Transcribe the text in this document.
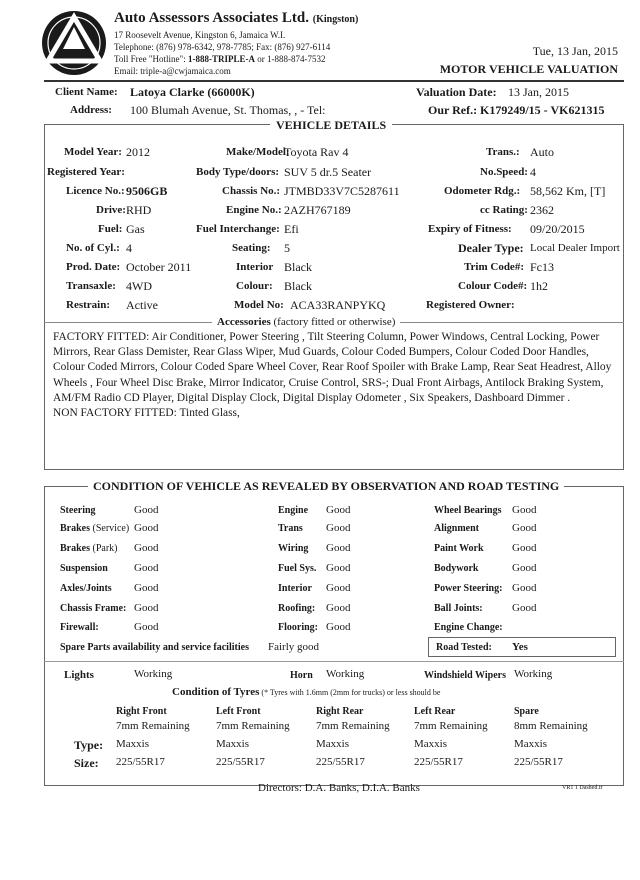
Auto Assessors Associates Ltd. (Kingston)
17 Roosevelt Avenue, Kingston 6, Jamaica W.I.
Telephone: (876) 978-6342, 978-7785; Fax: (876) 927-6114
Toll Free "Hotline": 1-888-TRIPLE-A or 1-888-874-7532
Email: triple-a@cwjamaica.com
Tue, 13 Jan, 2015
MOTOR VEHICLE VALUATION
Client Name: Latoya Clarke (66000K)
Address: 100 Blumah Avenue, St. Thomas, , - Tel:
Valuation Date: 13 Jan, 2015
Our Ref.: K179249/15 - VK621315
VEHICLE DETAILS
Model Year: 2012
Registered Year:
Licence No.: 9506GB
Drive: RHD
Fuel: Gas
No. of Cyl.: 4
Prod. Date: October 2011
Transaxle: 4WD
Restrain: Active
Make/Model:
Toyota Rav 4
Body Type/doors: SUV 5 dr.5 Seater
Chassis No.: JTMBD33V7C5287611
Engine No.: 2AZH767189
Fuel Interchange: Efi
Seating: 5
Interior Black
Colour: Black
Model No: ACA33RANPYKQ
Trans.: Auto
No.Speed: 4
Odometer Rdg.: 58,562 Km, [T]
cc Rating: 2362
Expiry of Fitness: 09/20/2015
Dealer Type: Local Dealer Import
Trim Code#: Fc13
Colour Code#: 1h2
Registered Owner:
Accessories (factory fitted or otherwise)

FACTORY FITTED: Air Conditioner, Power Steering , Tilt Steering Column, Power Windows, Central Locking, Power Mirrors, Rear Glass Demister, Rear Glass Wiper, Mud Guards, Colour Coded Bumpers, Colour Coded Door Handles, Colour Coded Mirrors, Colour Coded Spare Wheel Cover, Rear Roof Spoiler with Brake Lamp, Rear Seat Headrest, Alloy Wheels , Four Wheel Disc Brake, Mirror Indicator, Cruise Control, SRS-; Dual Front Airbags, Antilock Braking System, AM/FM Radio CD Player, Digital Display Clock, Digital Display Odometer , Six Speakers, Dashboard Dimmer .

NON FACTORY FITTED: Tinted Glass,

CONDITION OF VEHICLE AS REVEALED BY OBSERVATION AND ROAD TESTING
Steering	Good
Brakes (Service) Good
Brakes (Park) Good
Suspension Good
Axles/Joints Good
Chassis Frame: Good
Firewall:	Good
Engine Good
Trans Good
Wiring Good
Fuel Sys. Good
Interior Good
Roofing: Good
Flooring: Good
Wheel Bearings Good
Alignment	Good
Paint Work	Good
Bodywork	Good
Power Steering: Good
Ball Joints:	Good
Engine Change:
Spare Parts availability and service facilities Fairly good	Road Tested: Yes
Lights	Working	Horn Working	Windshield Wipers Working
Condition of Tyres (* Tyres with 1.6mm (2mm for trucks) or less should be
Right Front	Left Front	Right Rear	Left Rear	Spare
7mm Remaining 7mm Remaining 7mm Remaining 7mm Remaining 8mm Remaining
Type: Maxxis	Maxxis	Maxxis	Maxxis	Maxxis
Size: 225/55R17	225/55R17	225/55R17	225/55R17	225/55R17
Directors: D.A. Banks, D.I.A. Banks	VR1 1 Dashed.tr
